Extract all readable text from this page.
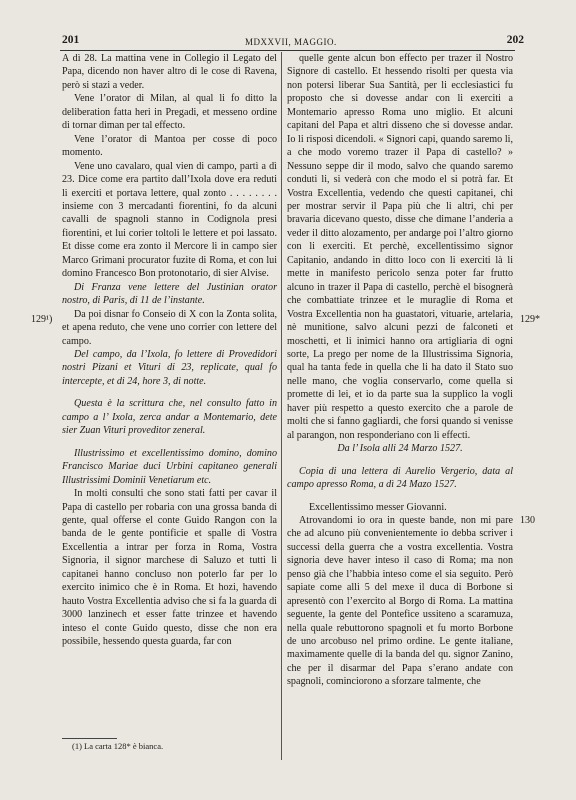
201	MDXXVII, MAGGIO.	202
129¹)	129*
130

A dì 28. La mattina vene in Collegio il Legato del Papa, dicendo non haver altro di le cose di Ravena, però si stazi a veder.

Vene l’orator di Milan, al qual li fo ditto la deliberation fatta heri in Pregadi, et messeno ordine di tornar diman per tal effecto.

Vene l’orator di Mantoa per cosse di poco momento.

Vene uno cavalaro, qual vien di campo, partì a dì 23. Dice come era partito dall’Ixola dove era reduti li exerciti et portava lettere, qual zonto . . . . . . . . insieme con 3 mercadanti fiorentini, fo da alcuni cavalli de spagnoli stanno in Codignola presi fiorentini, et lui corier toltoli le lettere et poi lassato. Et disse come era zonto il Mercore li in campo sier Marco Grimani procurator fuzite di Roma, et con lui domino Francesco Bon protonotario, di sier Alvise.

Di Franza vene lettere del Justinian orator nostro, di Paris, di 11 de l’instante.

Da poi disnar fo Conseio di X con la Zonta solita, et apena reduto, che vene uno corrier con lettere del campo.

Del campo, da l’Ixola, fo lettere di Provedidori nostri Pizani et Vituri di 23, replicate, qual fo intercepte, et di 24, hore 3, di notte.

Questa è la scrittura che, nel consulto fatto in campo a l’ Ixola, zerca andar a Montemario, dete sier Zuan Vituri proveditor zeneral.

Illustrissimo et excellentissimo domino, domino Francisco Mariae duci Urbini capitaneo generali Illustrissimi Dominii Venetiarum etc.

In molti consulti che sono stati fatti per cavar il Papa di castello per robaria con una grossa banda di gente, qual offerse el conte Guido Rangon con la banda de le gente pontificie et spalle di Vostra Excellentia a intrar per forza in Roma, Vostra Signoria, il signor marchese di Saluzo et tutti li capitanei hanno concluso non poterlo far per lo exercito inimico che è in Roma. Et hozi, havendo hauto Vostra Excellentia adviso che si fa la guarda di 3000 lanzinech et esser fatte trinzee et havendo inteso el conte Guido questo, disse che non era possibile, hessendo questa guarda, far con

quelle gente alcun bon effecto per trazer il Nostro Signore di castello. Et hessendo risolti per questa via non potersi liberar Sua Santità, per li ecclesiastici fu proposto che si dovesse andar con li exerciti a Montemario apresso Roma uno miglio. Et alcuni capitani del Papa et altri disseno che si dovesse andar. Io li risposi dicendoli. « Signori capi, quando saremo li, a che modo voremo trazer il Papa di castello? » Nessuno seppe dir il modo, salvo che quando saremo conduti li, si vederà con che modo el si potrà far. Et Vostra Excellentia, vedendo che questi capitanei, chi per mostrar servir il Papa più che li altri, chi per bravaria dicevano questo, disse che dimane l’anderia a veder il ditto alozamento, per andarge poi l’altro giorno con li exerciti. Et perchè, excellentissimo signor Capitanio, andando in ditto loco con li exerciti là li mette in manifesto pericolo senza poter far frutto alcuno in trazer il Papa di castello, perchè el bisognerà che combattiate trinzee et le muraglie di Roma et Vostra Excellentia non ha guastatori, vituarie, artelaria, nè munitione, salvo alcuni pezzi de falconeti et moschetti, et li inimici hanno ora artigliaria di ogni sorte, La prego per nome de la Illustrissima Signoria, qual ha tanta fede in quella che li ha dato il Stato suo nelle mano, che voglia conservarlo, come quella si promette di lei, et io da parte sua la supplico la vogli haver più respetto a questo exercito che a parole de molti che si fanno gagliardi, che forsi quando si venisse al parangon, non responderiano con li effecti.

Da l’ Isola alli 24 Marzo 1527.

Copia di una lettera di Aurelio Vergerio, data al campo apresso Roma, a dì 24 Mazo 1527.

Excellentissimo messer Giovanni.

Atrovandomi io ora in queste bande, non mi pare che ad alcuno più convenientemente io debba scriver i successi della guerra che a vostra excellentia. Vostra signoria deve haver inteso il caso di Roma; ma non penso già che l’habbia inteso come el sia seguito. Però sapiate come alli 5 del mexe il duca di Borbone si apresentò con l’exercito al Borgo di Roma. La mattina seguente, la gente del Pontefice ussiteno a scaramuza, nella quale rebuttorono spagnoli et fu morto Borbone de uno arcobuso nel primo ordine. Le gente italiane, maximamente quelle di la banda del qu. signor Zanino, che per il disarmar del Papa s’erano andate con spagnoli, cominciorono a sforzare talmente, che

(1) La carta 128* è bianca.
